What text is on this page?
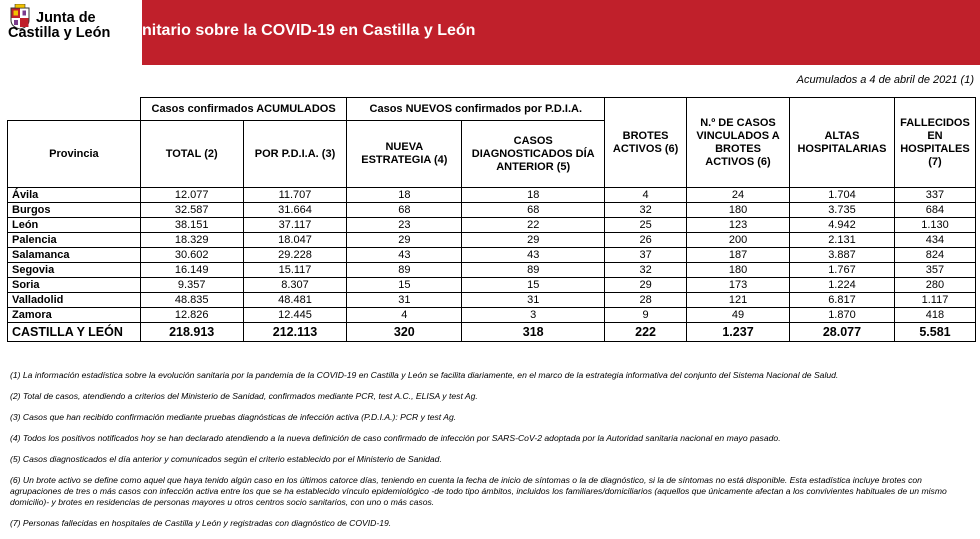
Junta de
Castilla y León nitario sobre la COVID-19 en Castilla y León
Acumulados a 4 de abril de 2021 (1)
	Casos confirmados ACUMULADOS		Casos NUEVOS confirmados por P.D.I.A.		BROTES ACTIVOS (6)	N.º DE CASOS VINCULADOS A BROTES ACTIVOS (6)	ALTAS HOSPITALARIAS	FALLECIDOS EN HOSPITALES (7)
Provincia	TOTAL (2)	POR P.D.I.A. (3)	NUEVA ESTRATEGIA (4)	CASOS DIAGNOSTICADOS DÍA ANTERIOR (5)				
Ávila	12.077	11.707	18	18	4	24	1.704	337
Burgos	32.587	31.664	68	68	32	180	3.735	684
León	38.151	37.117	23	22	25	123	4.942	1.130
Palencia	18.329	18.047	29	29	26	200	2.131	434
Salamanca	30.602	29.228	43	43	37	187	3.887	824
Segovia	16.149	15.117	89	89	32	180	1.767	357
Soria	9.357	8.307	15	15	29	173	1.224	280
Valladolid	48.835	48.481	31	31	28	121	6.817	1.117
Zamora	12.826	12.445	4	3	9	49	1.870	418
CASTILLA Y LEÓN	218.913	212.113	320	318	222	1.237	28.077	5.581

(1) La información estadística sobre la evolución sanitaria por la pandemia de la COVID-19 en Castilla y León se facilita diariamente, en el marco de la estrategia informativa del conjunto del Sistema Nacional de Salud.

(2) Total de casos, atendiendo a criterios del Ministerio de Sanidad, confirmados mediante PCR, test A.C., ELISA y test Ag.

(3) Casos que han recibido confirmación mediante pruebas diagnósticas de infección activa (P.D.I.A.): PCR y test Ag.

(4) Todos los positivos notificados hoy se han declarado atendiendo a la nueva definición de caso confirmado de infección por SARS-CoV-2 adoptada por la Autoridad sanitaria nacional en mayo pasado.

(5) Casos diagnosticados el día anterior y comunicados según el criterio establecido por el Ministerio de Sanidad.

(6) Un brote activo se define como aquel que haya tenido algún caso en los últimos catorce días, teniendo en cuenta la fecha de inicio de síntomas o la de diagnóstico, si la de síntomas no está disponible. Esta estadística incluye brotes con agrupaciones de tres o más casos con infección activa entre los que se ha establecido vínculo epidemiológico -de todo tipo ámbitos, incluidos los familiares/domiciliarios (aquellos que únicamente afectan a los convivientes habituales de un mismo domicilio)- y brotes en residencias de personas mayores u otros centros socio sanitarios, con uno o más casos.

(7) Personas fallecidas en hospitales de Castilla y León y registradas con diagnóstico de COVID-19.
